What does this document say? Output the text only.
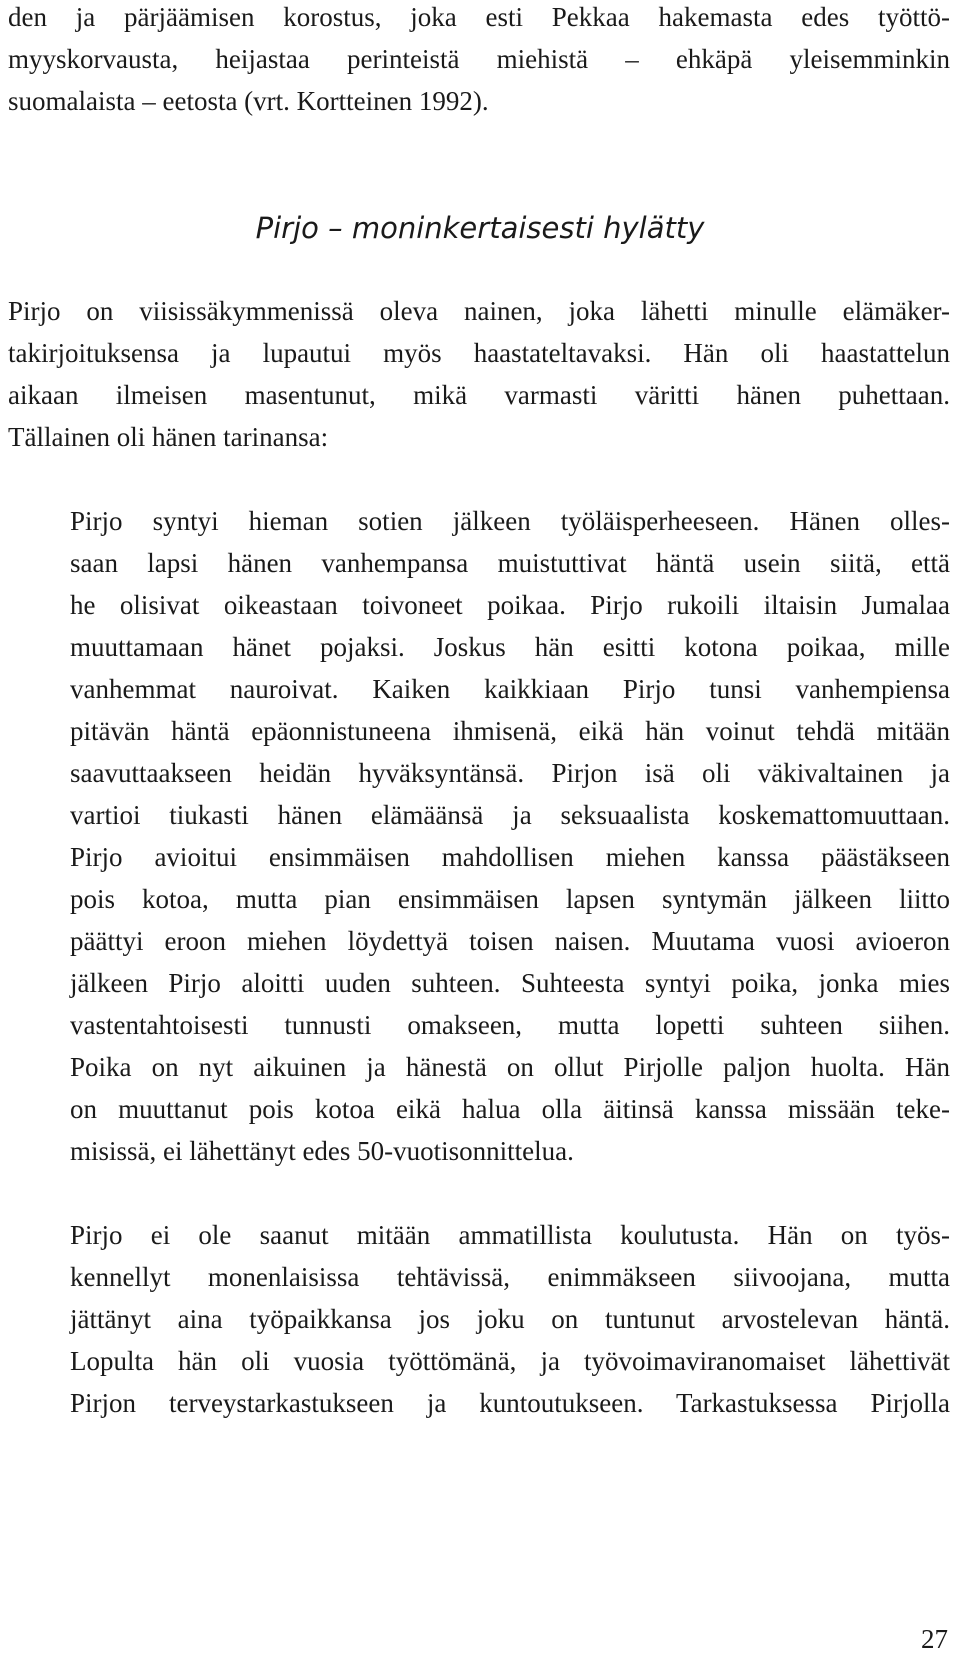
den ja pärjäämisen korostus, joka esti Pekkaa hakemasta edes työttö-
myyskorvausta, heijastaa perinteistä miehistä – ehkäpä yleisemminkin
suomalaista – eetosta (vrt. Kortteinen 1992).
Pirjo – moninkertaisesti hylätty
Pirjo on viisissäkymmenissä oleva nainen, joka lähetti minulle elämäker-
takirjoituksensa ja lupautui myös haastateltavaksi. Hän oli haastattelun
aikaan ilmeisen masentunut, mikä varmasti väritti hänen puhettaan.
Tällainen oli hänen tarinansa:
Pirjo syntyi hieman sotien jälkeen työläisperheeseen. Hänen olles-
saan lapsi hänen vanhempansa muistuttivat häntä usein siitä, että
he olisivat oikeastaan toivoneet poikaa. Pirjo rukoili iltaisin Jumalaa
muuttamaan hänet pojaksi. Joskus hän esitti kotona poikaa, mille
vanhemmat nauroivat. Kaiken kaikkiaan Pirjo tunsi vanhempiensa
pitävän häntä epäonnistuneena ihmisenä, eikä hän voinut tehdä mitään
saavuttaakseen heidän hyväksyntänsä. Pirjon isä oli väkivaltainen ja
vartioi tiukasti hänen elämäänsä ja seksuaalista koskemattomuuttaan.
Pirjo avioitui ensimmäisen mahdollisen miehen kanssa päästäkseen
pois kotoa, mutta pian ensimmäisen lapsen syntymän jälkeen liitto
päättyi eroon miehen löydettyä toisen naisen. Muutama vuosi avioeron
jälkeen Pirjo aloitti uuden suhteen. Suhteesta syntyi poika, jonka mies
vastentahtoisesti tunnusti omakseen, mutta lopetti suhteen siihen.
Poika on nyt aikuinen ja hänestä on ollut Pirjolle paljon huolta. Hän
on muuttanut pois kotoa eikä halua olla äitinsä kanssa missään teke-
misissä, ei lähettänyt edes 50-vuotisonnittelua.
Pirjo ei ole saanut mitään ammatillista koulutusta. Hän on työs-
kennellyt monenlaisissa tehtävissä, enimmäkseen siivoojana, mutta
jättänyt aina työpaikkansa jos joku on tuntunut arvostelevan häntä.
Lopulta hän oli vuosia työttömänä, ja työvoimaviranomaiset lähettivät
Pirjon terveystarkastukseen ja kuntoutukseen. Tarkastuksessa Pirjolla
27
